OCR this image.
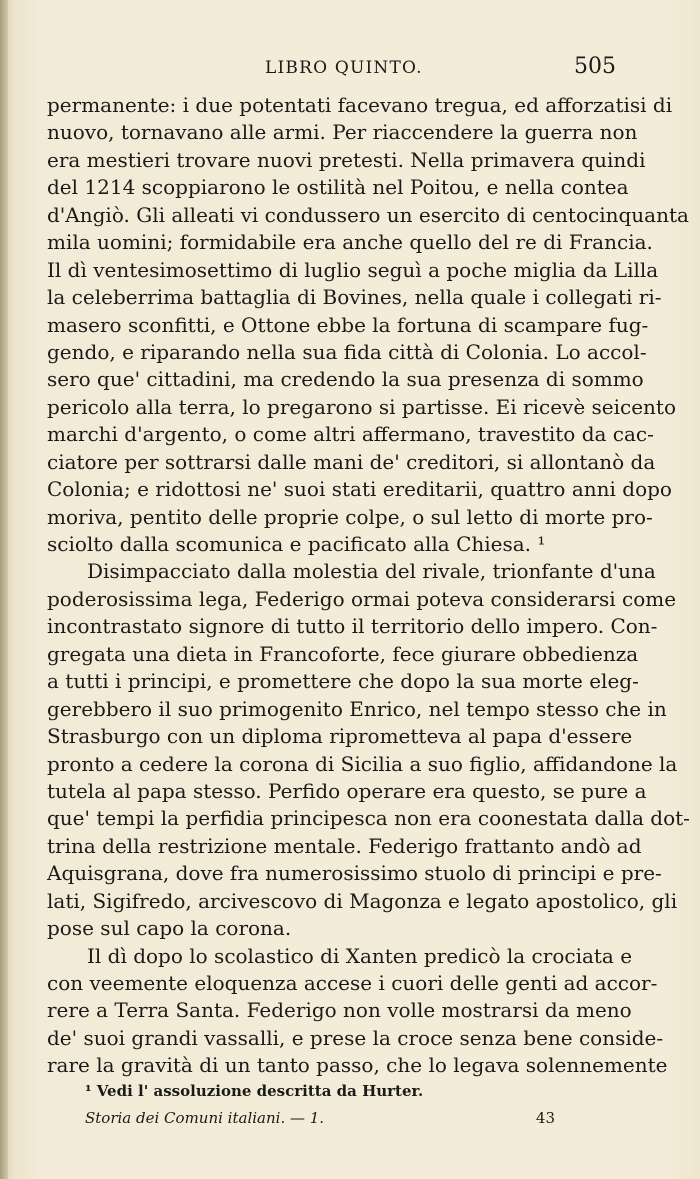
LIBRO QUINTO.	505
permanente: i due potentati facevano tregua, ed afforzatisi di
nuovo, tornavano alle armi. Per riaccendere la guerra non
era mestieri trovare nuovi pretesti. Nella primavera quindi
del 1214 scoppiarono le ostilità nel Poitou, e nella contea
d'Angiò. Gli alleati vi condussero un esercito di centocinquanta
mila uomini; formidabile era anche quello del re di Francia.
Il dì ventesimosettimo di luglio seguì a poche miglia da Lilla
la celeberrima battaglia di Bovines, nella quale i collegati ri-
masero sconfitti, e Ottone ebbe la fortuna di scampare fug-
gendo, e riparando nella sua fida città di Colonia. Lo accol-
sero que' cittadini, ma credendo la sua presenza di sommo
pericolo alla terra, lo pregarono si partisse. Ei ricevè seicento
marchi d'argento, o come altri affermano, travestito da cac-
ciatore per sottrarsi dalle mani de' creditori, si allontanò da
Colonia; e ridottosi ne' suoi stati ereditarii, quattro anni dopo
moriva, pentito delle proprie colpe, o sul letto di morte pro-
sciolto dalla scomunica e pacificato alla Chiesa. ¹
Disimpacciato dalla molestia del rivale, trionfante d'una
poderosissima lega, Federigo ormai poteva considerarsi come
incontrastato signore di tutto il territorio dello impero. Con-
gregata una dieta in Francoforte, fece giurare obbedienza
a tutti i principi, e promettere che dopo la sua morte eleg-
gerebbero il suo primogenito Enrico, nel tempo stesso che in
Strasburgo con un diploma riprometteva al papa d'essere
pronto a cedere la corona di Sicilia a suo figlio, affidandone la
tutela al papa stesso. Perfido operare era questo, se pure a
que' tempi la perfidia principesca non era coonestata dalla dot-
trina della restrizione mentale. Federigo frattanto andò ad
Aquisgrana, dove fra numerosissimo stuolo di principi e pre-
lati, Sigifredo, arcivescovo di Magonza e legato apostolico, gli
pose sul capo la corona.
Il dì dopo lo scolastico di Xanten predicò la crociata e
con veemente eloquenza accese i cuori delle genti ad accor-
rere a Terra Santa. Federigo non volle mostrarsi da meno
de' suoi grandi vassalli, e prese la croce senza bene conside-
rare la gravità di un tanto passo, che lo legava solennemente
¹ Vedi l' assoluzione descritta da Hurter.
Storia dei Comuni italiani. — 1.	43
